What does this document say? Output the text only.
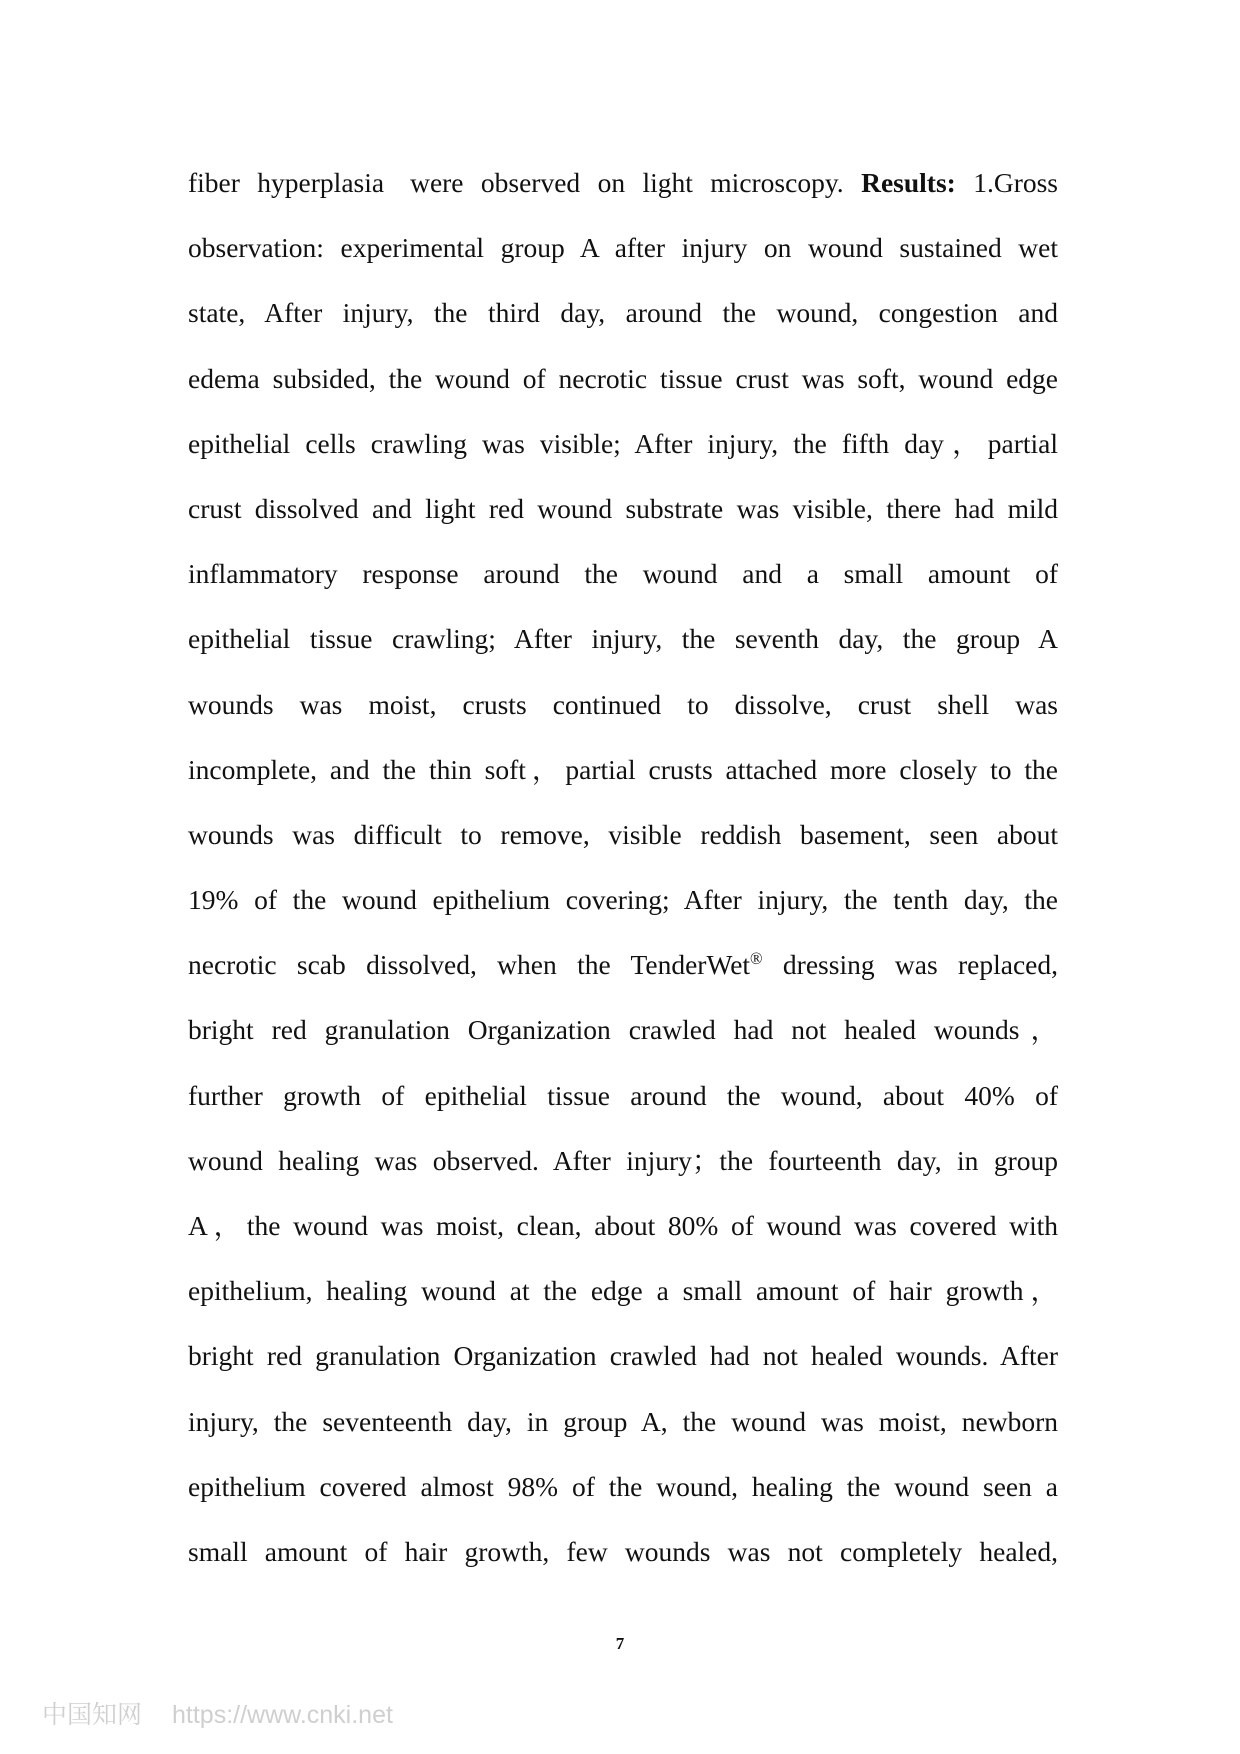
fiber hyperplasia were observed on light microscopy. Results: 1.Gross
observation: experimental group A after injury on wound sustained wet
state, After injury, the third day, around the wound, congestion and
edema subsided, the wound of necrotic tissue crust was soft, wound edge
epithelial cells crawling was visible; After injury, the fifth day，partial
crust dissolved and light red wound substrate was visible, there had mild
inflammatory response around the wound and a small amount of
epithelial tissue crawling; After injury, the seventh day, the group A
wounds was moist, crusts continued to dissolve, crust shell was
incomplete, and the thin soft，partial crusts attached more closely to the
wounds was difficult to remove, visible reddish basement, seen about
19% of the wound epithelium covering; After injury, the tenth day, the
necrotic scab dissolved, when the TenderWet® dressing was replaced,
bright red granulation Organization crawled had not healed wounds，
further growth of epithelial tissue around the wound, about 40% of
wound healing was observed. After injury；the fourteenth day, in group
A，the wound was moist, clean, about 80% of wound was covered with
epithelium, healing wound at the edge a small amount of hair growth，
bright red granulation Organization crawled had not healed wounds. After
injury, the seventeenth day, in group A, the wound was moist, newborn
epithelium covered almost 98% of the wound, healing the wound seen a
small amount of hair growth, few wounds was not completely healed,
7
中国知网 https://www.cnki.net
